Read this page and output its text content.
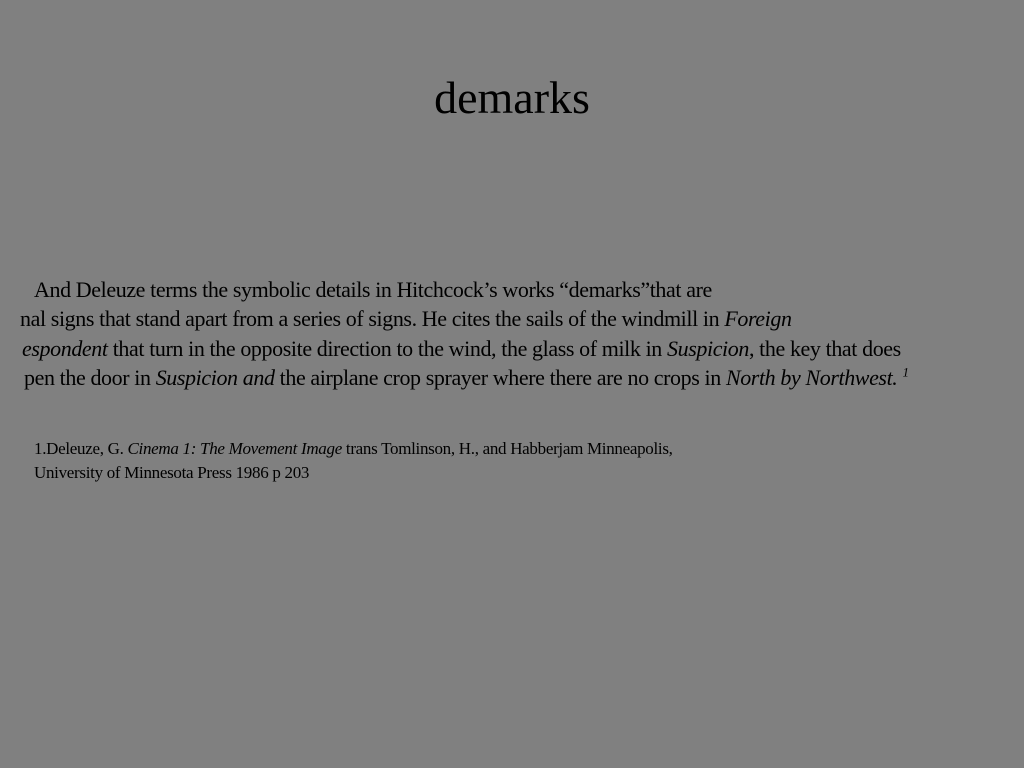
demarks
And Deleuze terms the symbolic details in Hitchcock’s works “demarks”that are
nal signs that stand apart from a series of signs. He cites the sails of the windmill in Foreign
espondent that turn in the opposite direction to the wind, the glass of milk in Suspicion, the key that does
pen the door in Suspicion and the airplane crop sprayer where there are no crops in North by Northwest. $^1$
1.Deleuze, G. Cinema 1: The Movement Image trans Tomlinson, H., and Habberjam Minneapolis,
University of Minnesota Press 1986 p 203
